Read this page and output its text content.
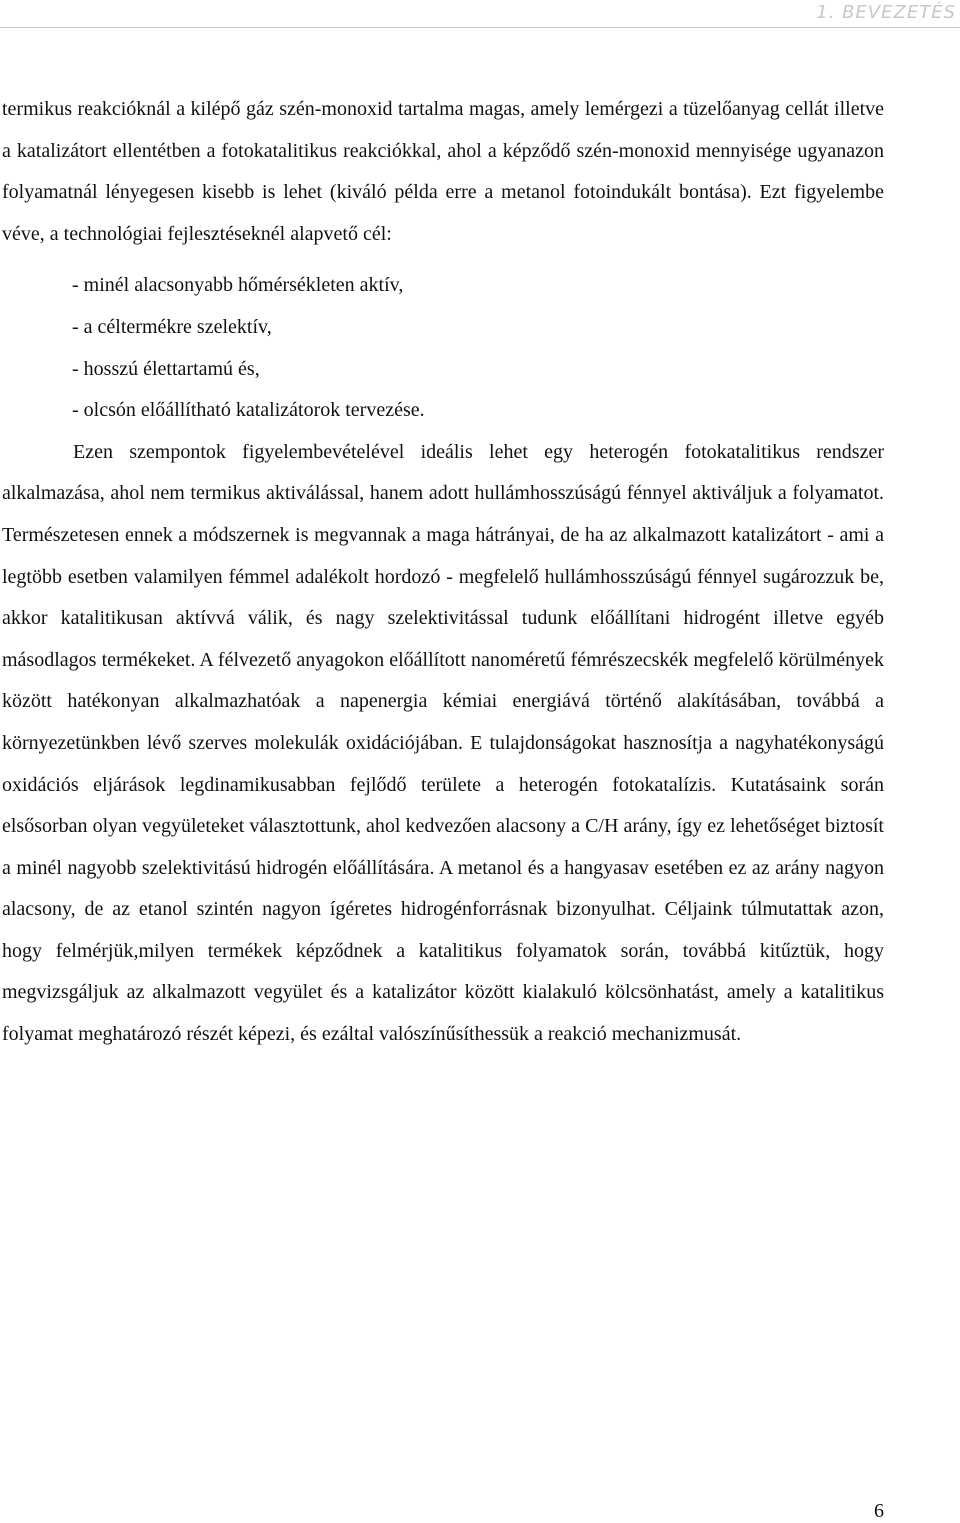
1. BEVEZETÉS

termikus reakcióknál a kilépő gáz szén-monoxid tartalma magas, amely lemérgezi a tüzelőanyag cellát illetve a katalizátort ellentétben a fotokatalitikus reakciókkal, ahol a képződő szén-monoxid mennyisége ugyanazon folyamatnál lényegesen kisebb is lehet (kiváló példa erre a metanol fotoindukált bontása). Ezt figyelembe véve, a technológiai fejlesztéseknél alapvető cél:

- minél alacsonyabb hőmérsékleten aktív,
- a céltermékre szelektív,
- hosszú élettartamú és,
- olcsón előállítható katalizátorok tervezése.

Ezen szempontok figyelembevételével ideális lehet egy heterogén fotokatalitikus rendszer alkalmazása, ahol nem termikus aktiválással, hanem adott hullámhosszúságú fénnyel aktiváljuk a folyamatot. Természetesen ennek a módszernek is megvannak a maga hátrányai, de ha az alkalmazott katalizátort - ami a legtöbb esetben valamilyen fémmel adalékolt hordozó - megfelelő hullámhosszúságú fénnyel sugározzuk be, akkor katalitikusan aktívvá válik, és nagy szelektivitással tudunk előállítani hidrogént illetve egyéb másodlagos termékeket. A félvezető anyagokon előállított nanoméretű fémrészecskék megfelelő körülmények között hatékonyan alkalmazhatóak a napenergia kémiai energiává történő alakításában, továbbá a környezetünkben lévő szerves molekulák oxidációjában. E tulajdonságokat hasznosítja a nagyhatékonyságú oxidációs eljárások legdinamikusabban fejlődő területe a heterogén fotokatalízis. Kutatásaink során elsősorban olyan vegyületeket választottunk, ahol kedvezően alacsony a C/H arány, így ez lehetőséget biztosít a minél nagyobb szelektivitású hidrogén előállítására. A metanol és a hangyasav esetében ez az arány nagyon alacsony, de az etanol szintén nagyon ígéretes hidrogénforrásnak bizonyulhat. Céljaink túlmutattak azon, hogy felmérjük,milyen termékek képződnek a katalitikus folyamatok során, továbbá kitűztük, hogy megvizsgáljuk az alkalmazott vegyület és a katalizátor között kialakuló kölcsönhatást, amely a katalitikus folyamat meghatározó részét képezi, és ezáltal valószínűsíthessük a reakció mechanizmusát.

6
